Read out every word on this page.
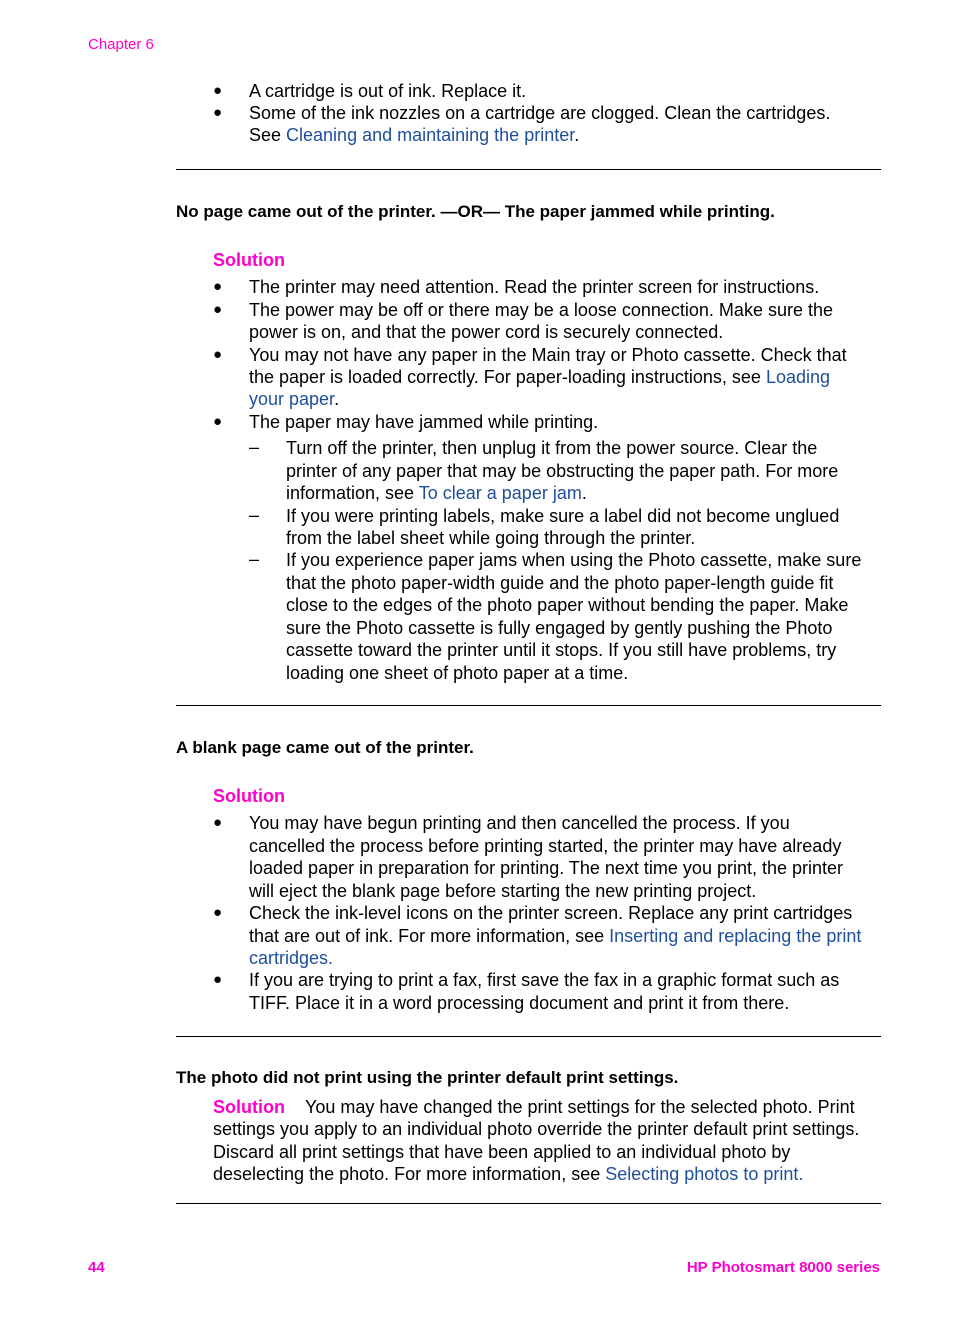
Chapter 6
● A cartridge is out of ink. Replace it.
● Some of the ink nozzles on a cartridge are clogged. Clean the cartridges.
See Cleaning and maintaining the printer.
No page came out of the printer. —OR— The paper jammed while printing.
Solution
● The printer may need attention. Read the printer screen for instructions.
● The power may be off or there may be a loose connection. Make sure the
power is on, and that the power cord is securely connected.
● You may not have any paper in the Main tray or Photo cassette. Check that
the paper is loaded correctly. For paper-loading instructions, see Loading
your paper.
● The paper may have jammed while printing.
– Turn off the printer, then unplug it from the power source. Clear the
printer of any paper that may be obstructing the paper path. For more
information, see To clear a paper jam.
– If you were printing labels, make sure a label did not become unglued
from the label sheet while going through the printer.
– If you experience paper jams when using the Photo cassette, make sure
that the photo paper-width guide and the photo paper-length guide fit
close to the edges of the photo paper without bending the paper. Make
sure the Photo cassette is fully engaged by gently pushing the Photo
cassette toward the printer until it stops. If you still have problems, try
loading one sheet of photo paper at a time.
A blank page came out of the printer.
Solution
● You may have begun printing and then cancelled the process. If you
cancelled the process before printing started, the printer may have already
loaded paper in preparation for printing. The next time you print, the printer
will eject the blank page before starting the new printing project.
● Check the ink-level icons on the printer screen. Replace any print cartridges
that are out of ink. For more information, see Inserting and replacing the print
cartridges.
● If you are trying to print a fax, first save the fax in a graphic format such as
TIFF. Place it in a word processing document and print it from there.
The photo did not print using the printer default print settings.
Solution You may have changed the print settings for the selected photo. Print
settings you apply to an individual photo override the printer default print settings.
Discard all print settings that have been applied to an individual photo by
deselecting the photo. For more information, see Selecting photos to print.
44	HP Photosmart 8000 series
